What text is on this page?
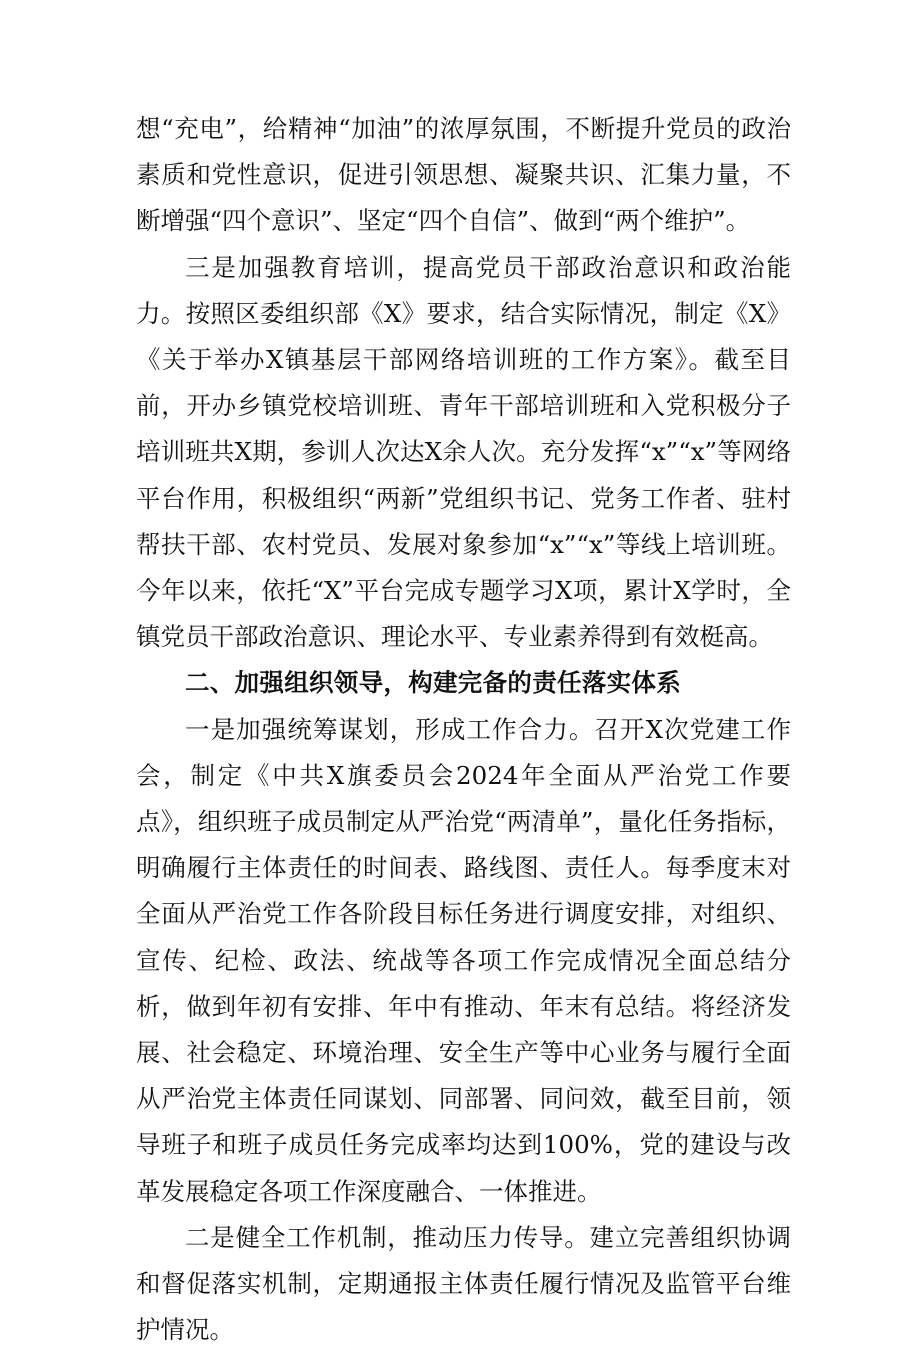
想“充电”，给精神“加油”的浓厚氛围，不断提升党员的政治素质和党性意识，促进引领思想、凝聚共识、汇集力量，不断增强“四个意识”、坚定“四个自信”、做到“两个维护”。

三是加强教育培训，提高党员干部政治意识和政治能力。按照区委组织部《X》要求，结合实际情况，制定《X》《关于举办X镇基层干部网络培训班的工作方案》。截至目前，开办乡镇党校培训班、青年干部培训班和入党积极分子培训班共X期，参训人次达X余人次。充分发挥“x”“x”等网络平台作用，积极组织“两新”党组织书记、党务工作者、驻村帮扶干部、农村党员、发展对象参加“x”“x”等线上培训班。今年以来，依托“X”平台完成专题学习X项，累计X学时，全镇党员干部政治意识、理论水平、专业素养得到有效梃高。

二、加强组织领导，构建完备的责任落实体系

一是加强统筹谋划，形成工作合力。召开X次党建工作会，制定《中共X旗委员会2024年全面从严治党工作要点》，组织班子成员制定从严治党“两清单”，量化任务指标，明确履行主体责任的时间表、路线图、责任人。每季度末对全面从严治党工作各阶段目标任务进行调度安排，对组织、宣传、纪检、政法、统战等各项工作完成情况全面总结分析，做到年初有安排、年中有推动、年末有总结。将经济发展、社会稳定、环境治理、安全生产等中心业务与履行全面从严治党主体责任同谋划、同部署、同问效，截至目前，领导班子和班子成员任务完成率均达到100%，党的建设与改革发展稳定各项工作深度融合、一体推进。

二是健全工作机制，推动压力传导。建立完善组织协调和督促落实机制，定期通报主体责任履行情况及监管平台维护情况。
